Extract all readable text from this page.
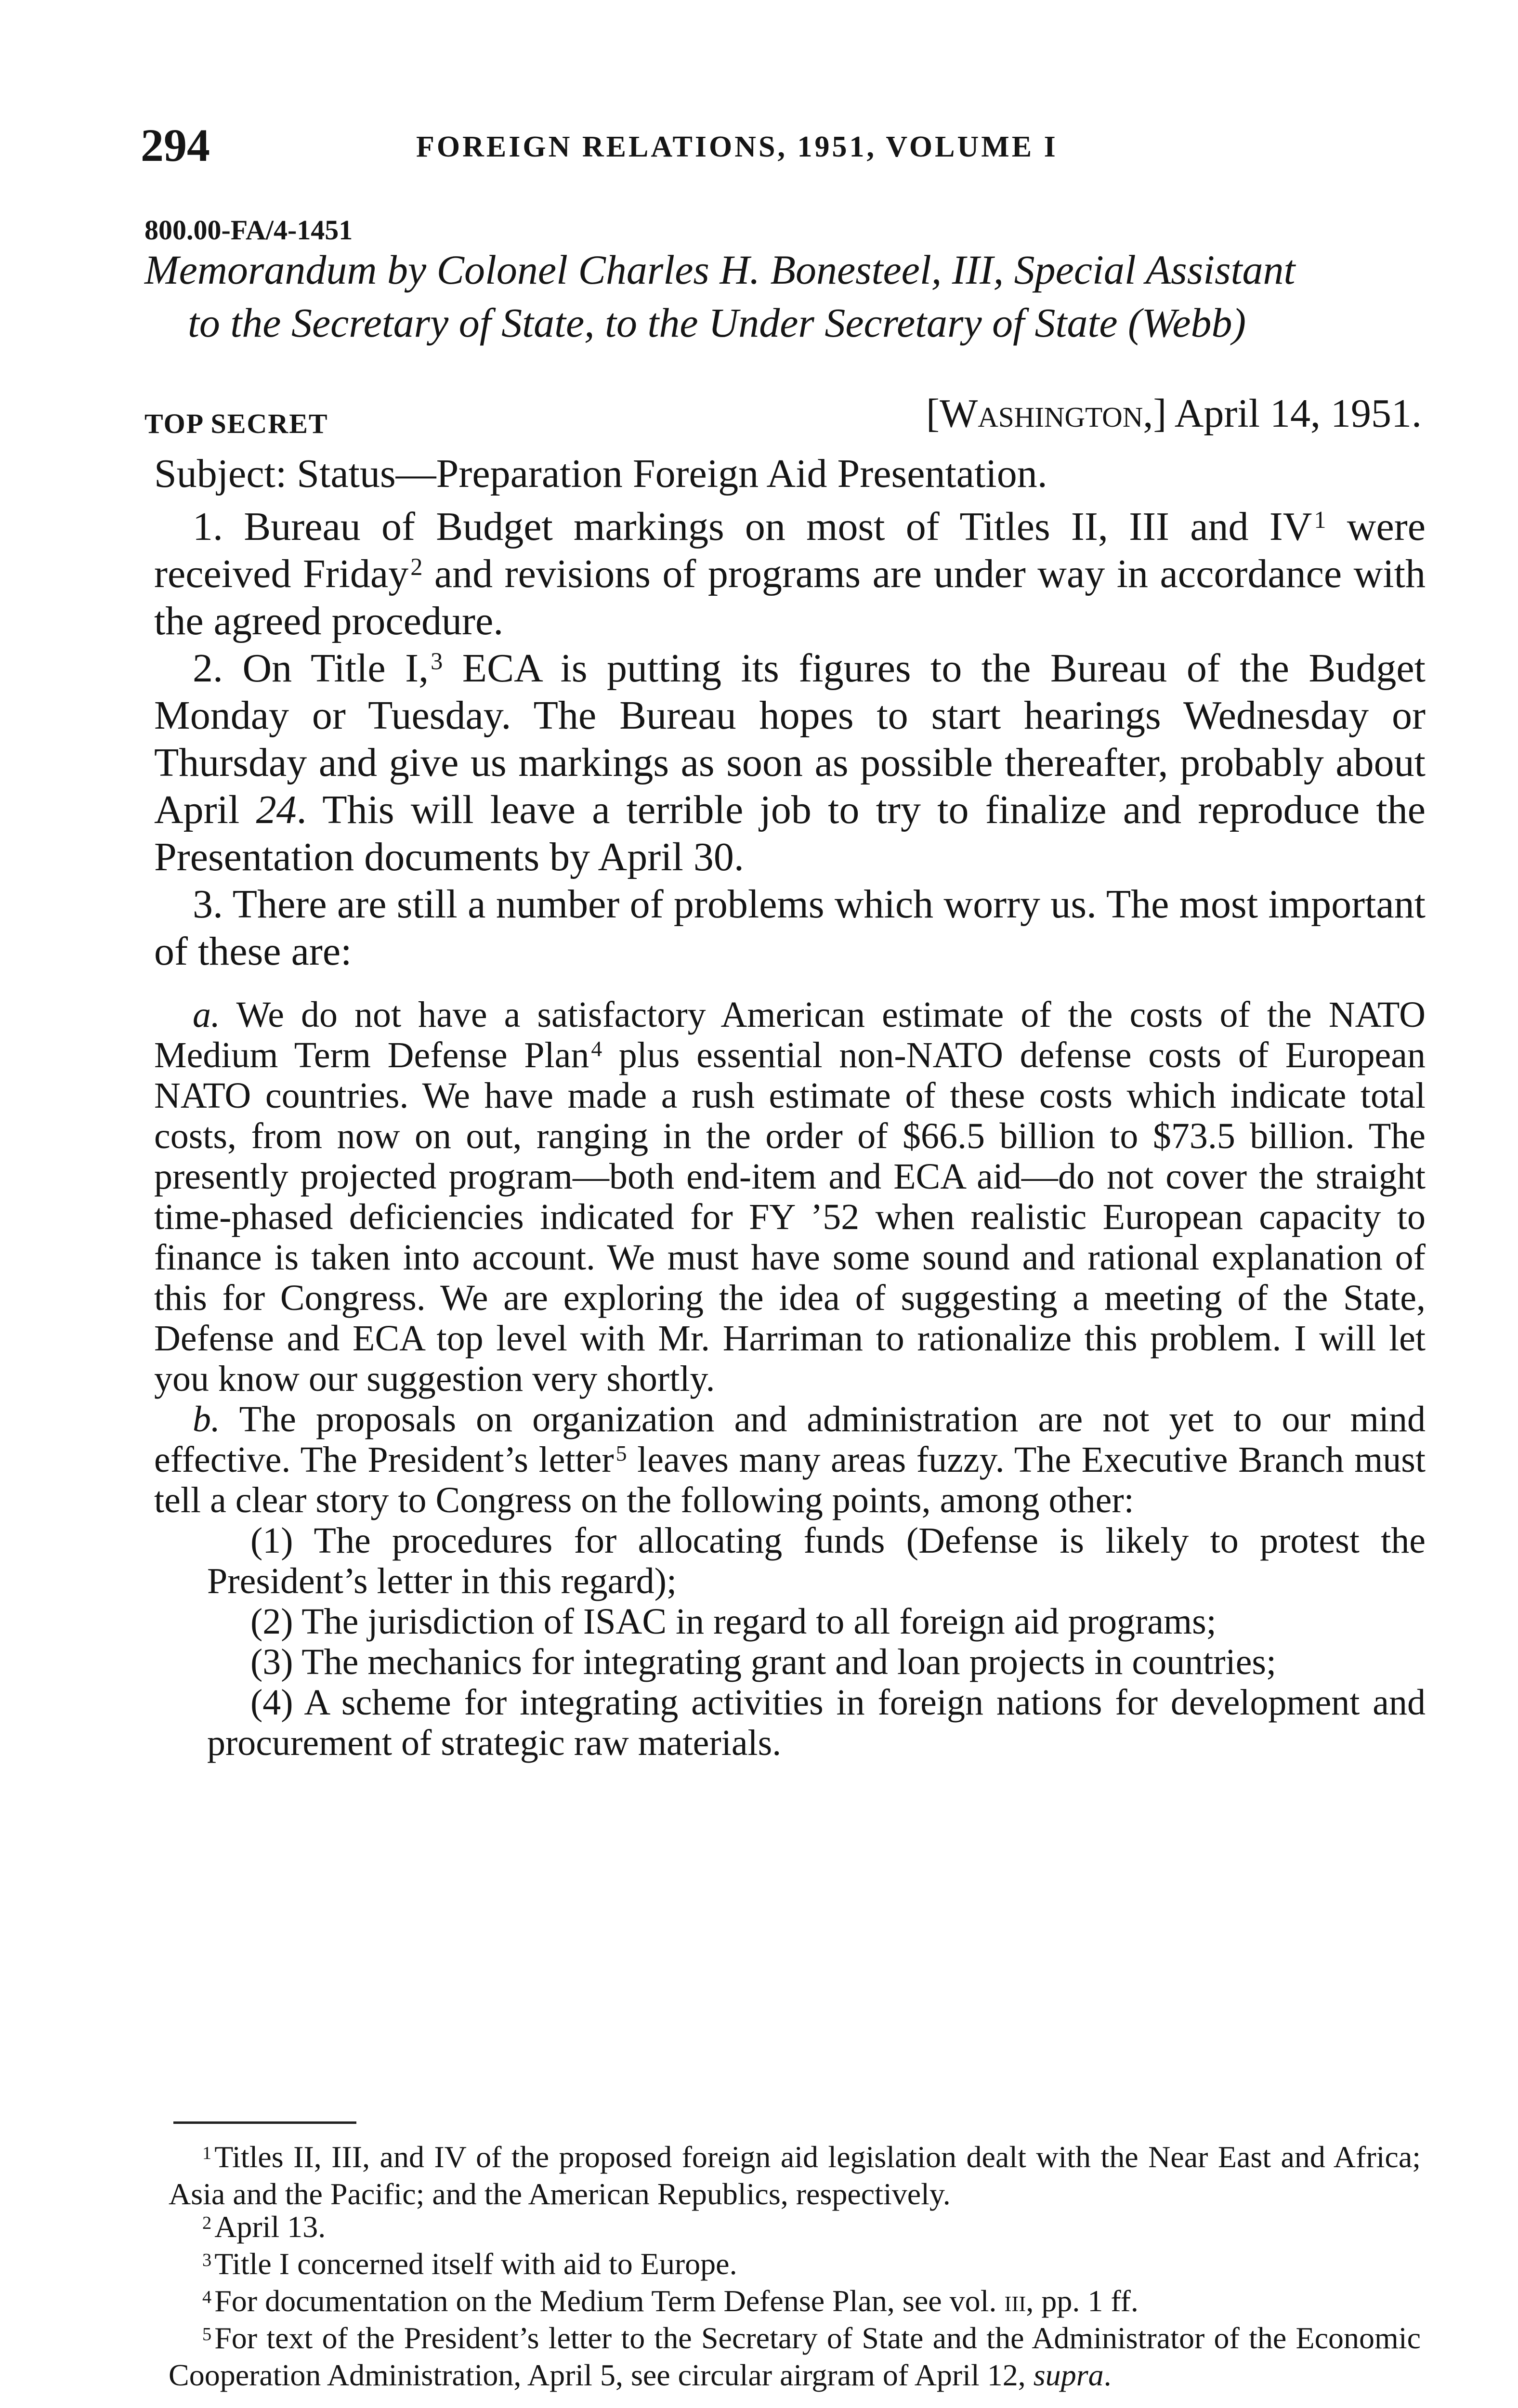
294	FOREIGN RELATIONS, 1951, VOLUME I
800.00-FA/4-1451
Memorandum by Colonel Charles H. Bonesteel, III, Special Assistant
to the Secretary of State, to the Under Secretary of State (Webb)
TOP SECRET	[Washington,] April 14, 1951.

Subject: Status—Preparation Foreign Aid Presentation.

1. Bureau of Budget markings on most of Titles II, III and $IV^1$ were received Friday$^2$ and revisions of programs are under way in accordance with the agreed procedure.

2. On Title I,$^3$ ECA is putting its figures to the Bureau of the Budget Monday or Tuesday. The Bureau hopes to start hearings Wednesday or Thursday and give us markings as soon as possible thereafter, probably about April 24. This will leave a terrible job to try to finalize and reproduce the Presentation documents by April 30.

3. There are still a number of problems which worry us. The most important of these are:

a. We do not have a satisfactory American estimate of the costs of the NATO Medium Term Defense Plan$^4$ plus essential non-NATO defense costs of European NATO countries. We have made a rush estimate of these costs which indicate total costs, from now on out, ranging in the order of $66.5 billion to $73.5 billion. The presently projected program—both end-item and ECA aid—do not cover the straight time-phased deficiencies indicated for FY ’52 when realistic European capacity to finance is taken into account. We must have some sound and rational explanation of this for Congress. We are exploring the idea of suggesting a meeting of the State, Defense and ECA top level with Mr. Harriman to rationalize this problem. I will let you know our suggestion very shortly.

b. The proposals on organization and administration are not yet to our mind effective. The President’s letter$^5$ leaves many areas fuzzy. The Executive Branch must tell a clear story to Congress on the following points, among other:

(1) The procedures for allocating funds (Defense is likely to protest the President’s letter in this regard);

(2) The jurisdiction of ISAC in regard to all foreign aid programs;

(3) The mechanics for integrating grant and loan projects in countries;

(4) A scheme for integrating activities in foreign nations for development and procurement of strategic raw materials.

$^1$Titles II, III, and IV of the proposed foreign aid legislation dealt with the Near East and Africa; Asia and the Pacific; and the American Republics, respectively.

$^2$April 13.

$^3$Title I concerned itself with aid to Europe.

$^4$For documentation on the Medium Term Defense Plan, see vol. iii, pp. 1 ff.

$^5$For text of the President’s letter to the Secretary of State and the Administrator of the Economic Cooperation Administration, April 5, see circular airgram of April 12, supra.
